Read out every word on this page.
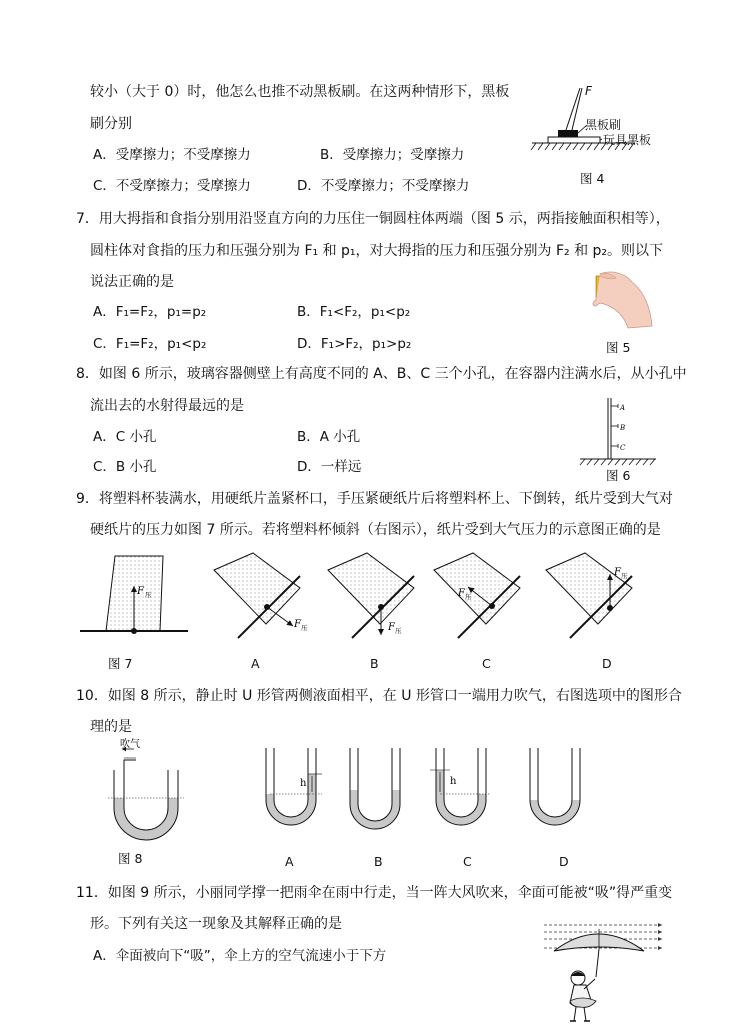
较小（大于 0）时，他怎么也推不动黑板刷。在这两种情形下，黑板
刷分别
A．受摩擦力；不受摩擦力	B．受摩擦力；受摩擦力
C．不受摩擦力；受摩擦力	D．不受摩擦力；不受摩擦力
F
黑板刷
玩具黑板
图 4
7．用大拇指和食指分别用沿竖直方向的力压住一铜圆柱体两端（图 5 示，两指接触面积相等），
圆柱体对食指的压力和压强分别为 F₁ 和 p₁，对大拇指的压力和压强分别为 F₂ 和 p₂。则以下
说法正确的是
A．F₁=F₂，p₁=p₂	B．F₁<F₂，p₁<p₂
C．F₁=F₂，p₁<p₂	D．F₁>F₂，p₁>p₂	图 5
8．如图 6 所示，玻璃容器侧壁上有高度不同的 A、B、C 三个小孔，在容器内注满水后，从小孔中
流出去的水射得最远的是
A．C 小孔	B．A 小孔
C．B 小孔	D．一样远
A
B
C
图 6
9．将塑料杯装满水，用硬纸片盖紧杯口，手压紧硬纸片后将塑料杯上、下倒转，纸片受到大气对
硬纸片的压力如图 7 所示。若将塑料杯倾斜（右图示），纸片受到大气压力的示意图正确的是
F 压
F 压	F 压
F 压
F 压
图 7	A	B	C	D
10．如图 8 所示，静止时 U 形管两侧液面相平，在 U 形管口一端用力吹气，右图选项中的图形合
理的是
吹气
h	h
图 8	A	B	C	D
11．如图 9 所示，小丽同学撑一把雨伞在雨中行走，当一阵大风吹来，伞面可能被“吸”得严重变
形。下列有关这一现象及其解释正确的是
A．伞面被向下“吸”，伞上方的空气流速小于下方
